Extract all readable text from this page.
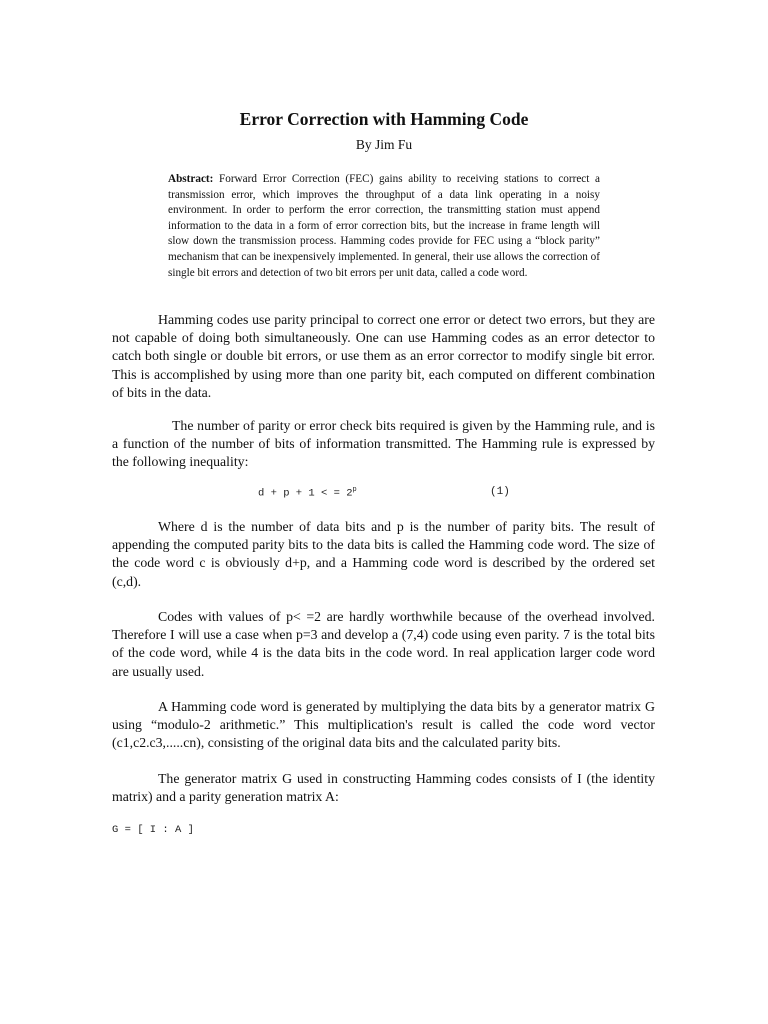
Error Correction with Hamming Code
By Jim Fu
Abstract: Forward Error Correction (FEC) gains ability to receiving stations to correct a transmission error, which improves the throughput of a data link operating in a noisy environment. In order to perform the error correction, the transmitting station must append information to the data in a form of error correction bits, but the increase in frame length will slow down the transmission process. Hamming codes provide for FEC using a “block parity” mechanism that can be inexpensively implemented. In general, their use allows the correction of single bit errors and detection of two bit errors per unit data, called a code word.

Hamming codes use parity principal to correct one error or detect two errors, but they are not capable of doing both simultaneously. One can use Hamming codes as an error detector to catch both single or double bit errors, or use them as an error corrector to modify single bit error. This is accomplished by using more than one parity bit, each computed on different combination of bits in the data.

The number of parity or error check bits required is given by the Hamming rule, and is a function of the number of bits of information transmitted. The Hamming rule is expressed by the following inequality:

d + p + 1 < = $2^p$	(1)

Where d is the number of data bits and p is the number of parity bits. The result of appending the computed parity bits to the data bits is called the Hamming code word. The size of the code word c is obviously d+p, and a Hamming code word is described by the ordered set (c,d).

Codes with values of p< =2 are hardly worthwhile because of the overhead involved. Therefore I will use a case when p=3 and develop a (7,4) code using even parity. 7 is the total bits of the code word, while 4 is the data bits in the code word. In real application larger code word are usually used.

A Hamming code word is generated by multiplying the data bits by a generator matrix G using “modulo-2 arithmetic.” This multiplication's result is called the code word vector (c1,c2.c3,.....cn), consisting of the original data bits and the calculated parity bits.

The generator matrix G used in constructing Hamming codes consists of I (the identity matrix) and a parity generation matrix A:

G = [ I : A ]
